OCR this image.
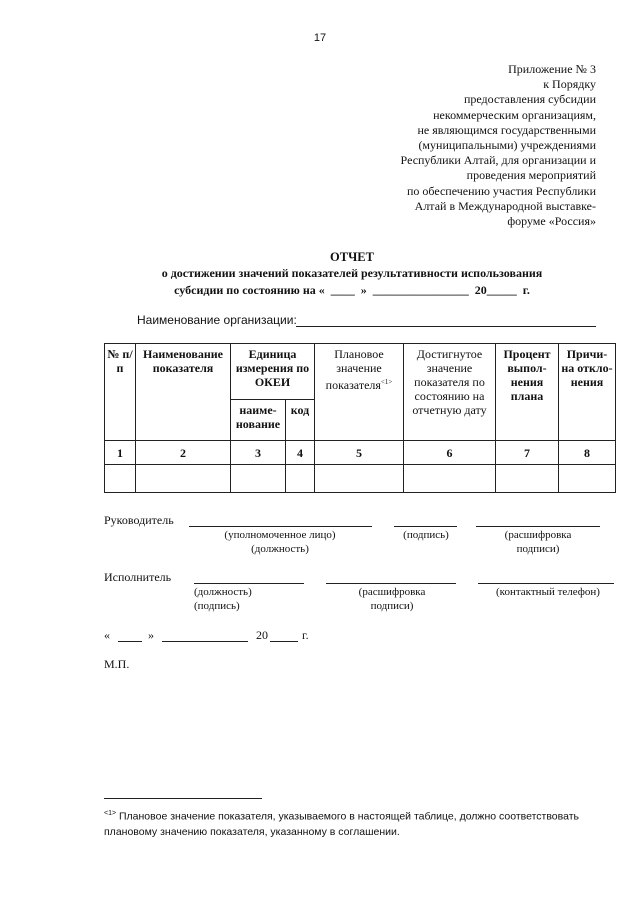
17
Приложение № 3
к Порядку
предоставления субсидии
некоммерческим организациям,
не являющимся государственными
(муниципальными) учреждениями
Республики Алтай, для организации и
проведения мероприятий
по обеспечению участия Республики
Алтай в Международной выставке-
форуме «Россия»
ОТЧЕТ
о достижении значений показателей результативности использования
субсидии по состоянию на «  ____  »  ________________  20_____  г.
Наименование организации:
№ п/п	Наименование показателя	Единица измерения по ОКЕИ		Плановое значение показателя$^{<1>}$	Достигнутое значение показателя по состоянию на отчетную дату	Процент выпол-нения плана	Причи-на откло-нения
		наиме-нование	код				
1	2	3	4	5	6	7	8

Руководитель
(уполномоченное лицо)
(должность)
(подпись)	(расшифровка
подписи)
Исполнитель
(должность)
(подпись)
(расшифровка
подписи)
(контактный телефон)
«	»	20	г.
М.П.
$^{<1>}$ Плановое значение показателя, указываемого в настоящей таблице, должно соответствовать плановому значению показателя, указанному в соглашении.
